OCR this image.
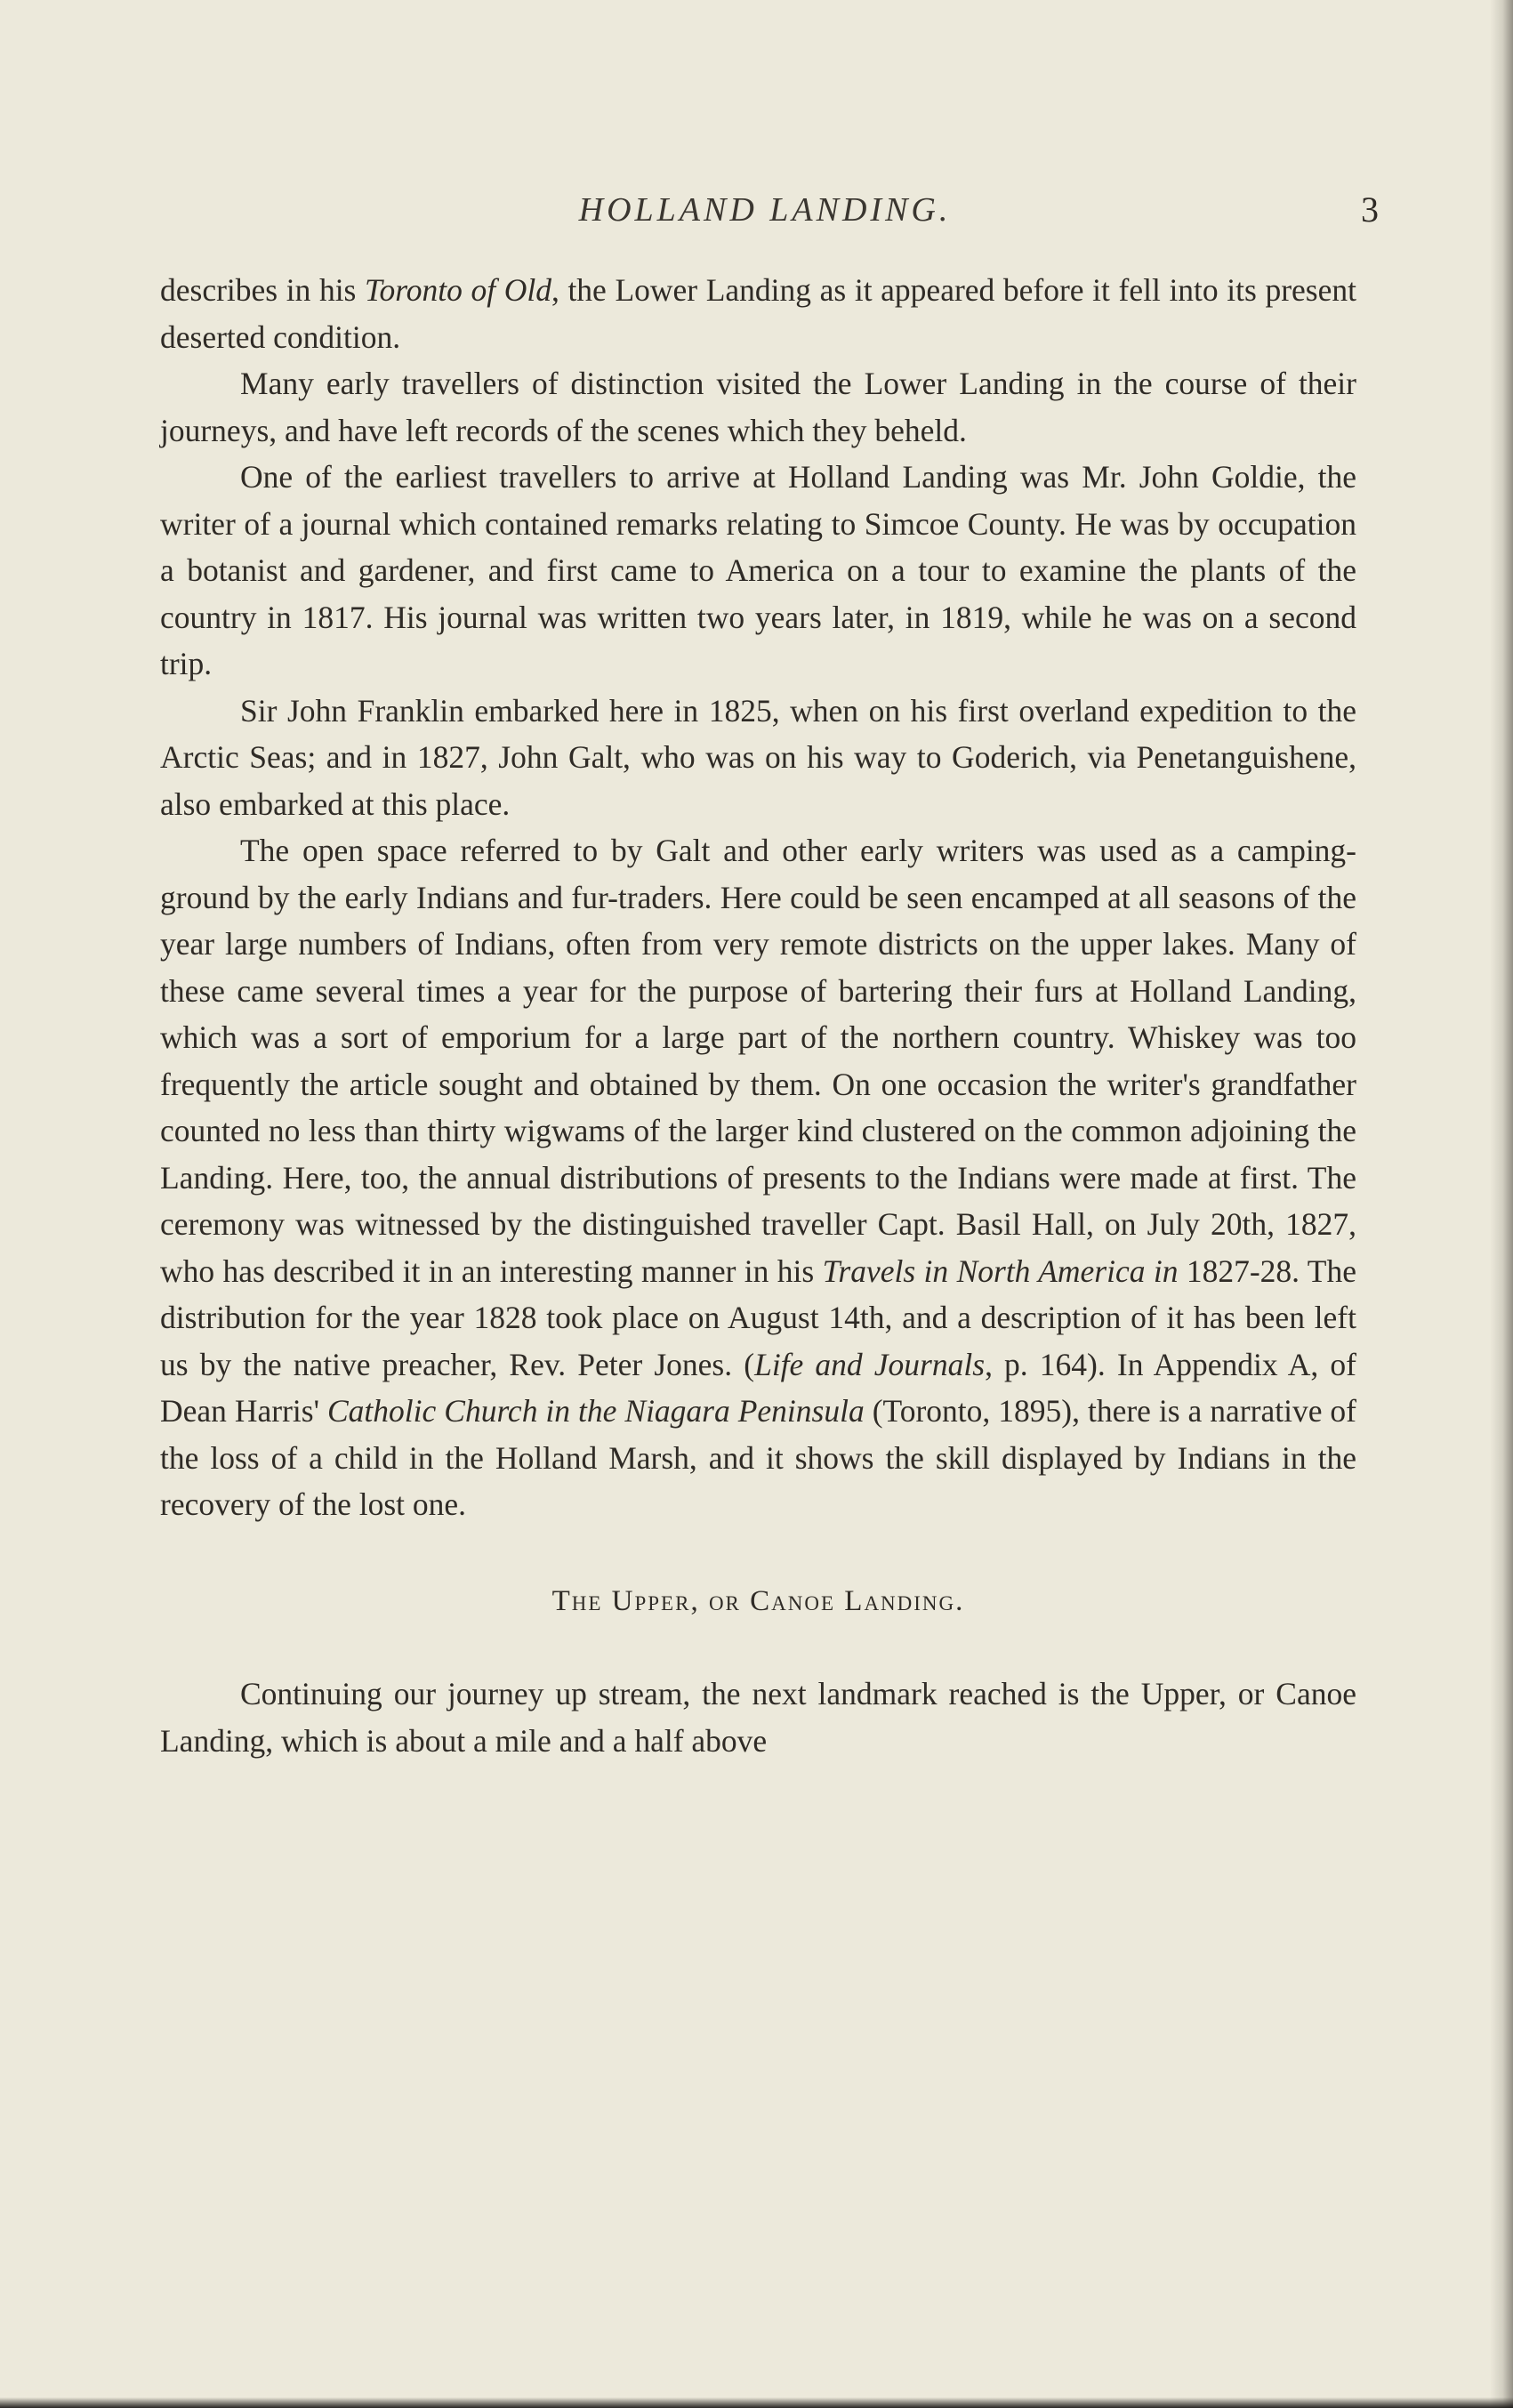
HOLLAND LANDING.	3

describes in his Toronto of Old, the Lower Landing as it appeared before it fell into its present deserted condition.

Many early travellers of distinction visited the Lower Landing in the course of their journeys, and have left records of the scenes which they beheld.

One of the earliest travellers to arrive at Holland Landing was Mr. John Goldie, the writer of a journal which contained remarks relating to Simcoe County. He was by occupation a botanist and gardener, and first came to America on a tour to examine the plants of the country in 1817. His journal was written two years later, in 1819, while he was on a second trip.

Sir John Franklin embarked here in 1825, when on his first overland expedition to the Arctic Seas; and in 1827, John Galt, who was on his way to Goderich, via Penetanguishene, also embarked at this place.

The open space referred to by Galt and other early writers was used as a camping-ground by the early Indians and fur-traders. Here could be seen encamped at all seasons of the year large numbers of Indians, often from very remote districts on the upper lakes. Many of these came several times a year for the purpose of bartering their furs at Holland Landing, which was a sort of emporium for a large part of the northern country. Whiskey was too frequently the article sought and obtained by them. On one occasion the writer's grandfather counted no less than thirty wigwams of the larger kind clustered on the common adjoining the Landing. Here, too, the annual distributions of presents to the Indians were made at first. The ceremony was witnessed by the distinguished traveller Capt. Basil Hall, on July 20th, 1827, who has described it in an interesting manner in his Travels in North America in 1827-28. The distribution for the year 1828 took place on August 14th, and a description of it has been left us by the native preacher, Rev. Peter Jones. (Life and Journals, p. 164). In Appendix A, of Dean Harris' Catholic Church in the Niagara Peninsula (Toronto, 1895), there is a narrative of the loss of a child in the Holland Marsh, and it shows the skill displayed by Indians in the recovery of the lost one.

The Upper, or Canoe Landing.

Continuing our journey up stream, the next landmark reached is the Upper, or Canoe Landing, which is about a mile and a half above
